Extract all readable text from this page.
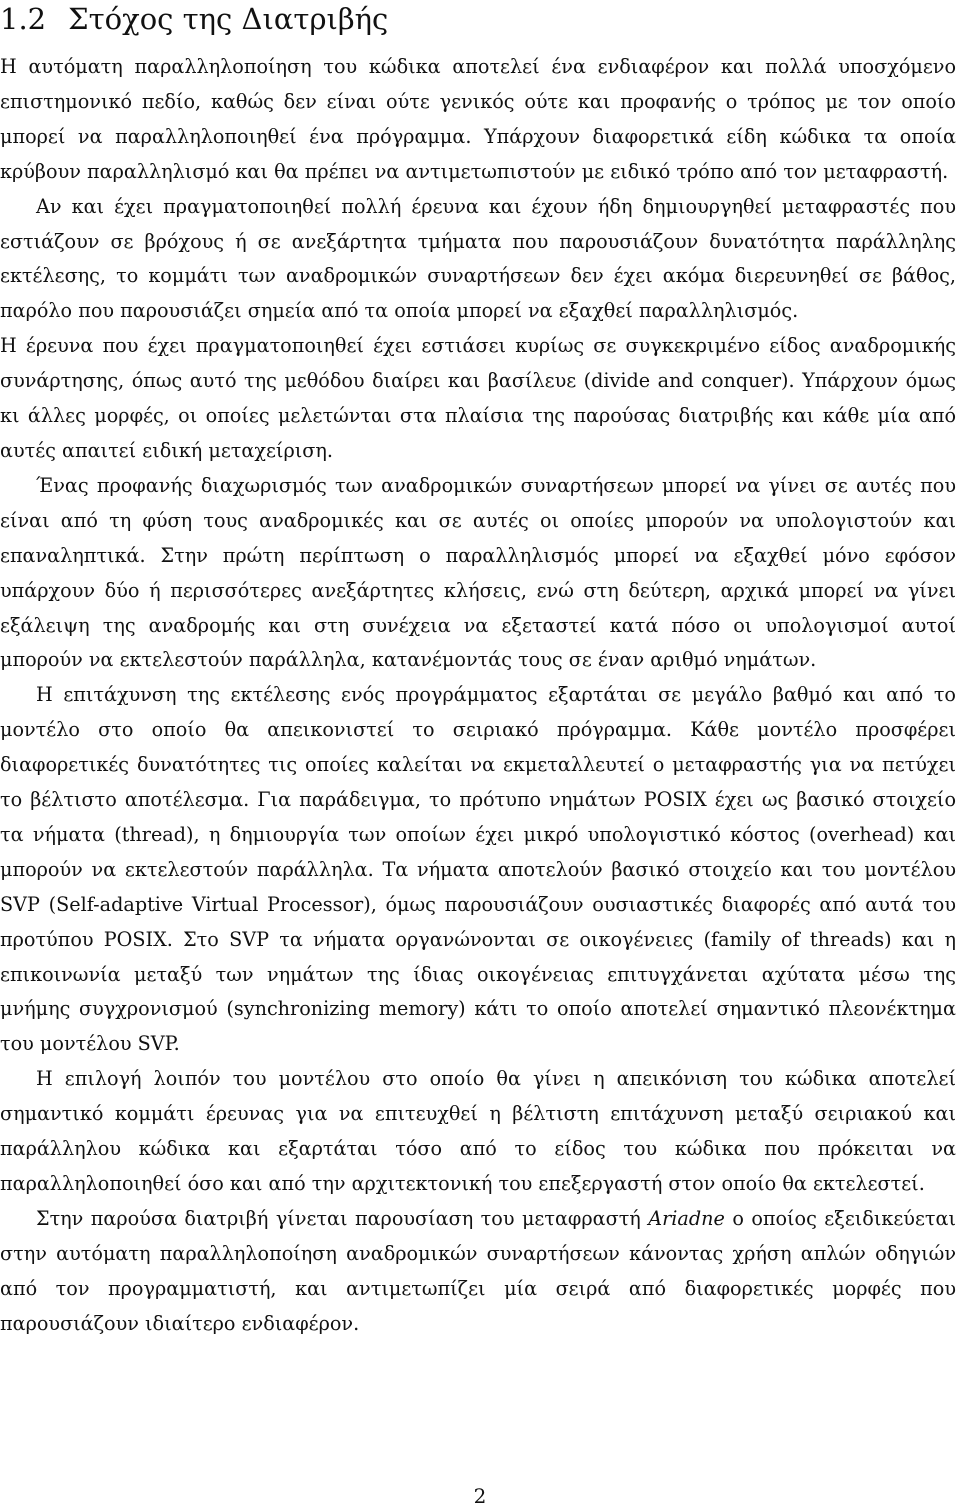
1.2 Στόχος της Διατριβής

Η αυτόματη παραλληλοποίηση του κώδικα αποτελεί ένα ενδιαφέρον και πολλά υποσχόμενο επιστημονικό πεδίο, καθώς δεν είναι ούτε γενικός ούτε και προφανής ο τρόπος με τον οποίο μπορεί να παραλληλοποιηθεί ένα πρόγραμμα. Υπάρχουν διαφορετικά είδη κώδικα τα οποία κρύβουν παραλληλισμό και θα πρέπει να αντιμετωπιστούν με ειδικό τρόπο από τον μεταφραστή.

Αν και έχει πραγματοποιηθεί πολλή έρευνα και έχουν ήδη δημιουργηθεί μεταφραστές που εστιάζουν σε βρόχους ή σε ανεξάρτητα τμήματα που παρουσιάζουν δυνατότητα παράλληλης εκτέλεσης, το κομμάτι των αναδρομικών συναρτήσεων δεν έχει ακόμα διερευνηθεί σε βάθος, παρόλο που παρουσιάζει σημεία από τα οποία μπορεί να εξαχθεί παραλληλισμός.

Η έρευνα που έχει πραγματοποιηθεί έχει εστιάσει κυρίως σε συγκεκριμένο είδος αναδρομικής συνάρτησης, όπως αυτό της μεθόδου διαίρει και βασίλευε (divide and conquer). Υπάρχουν όμως κι άλλες μορφές, οι οποίες μελετώνται στα πλαίσια της παρούσας διατριβής και κάθε μία από αυτές απαιτεί ειδική μεταχείριση.

Ένας προφανής διαχωρισμός των αναδρομικών συναρτήσεων μπορεί να γίνει σε αυτές που είναι από τη φύση τους αναδρομικές και σε αυτές οι οποίες μπορούν να υπολογιστούν και επαναληπτικά. Στην πρώτη περίπτωση ο παραλληλισμός μπορεί να εξαχθεί μόνο εφόσον υπάρχουν δύο ή περισσότερες ανεξάρτητες κλήσεις, ενώ στη δεύτερη, αρχικά μπορεί να γίνει εξάλειψη της αναδρομής και στη συνέχεια να εξεταστεί κατά πόσο οι υπολογισμοί αυτοί μπορούν να εκτελεστούν παράλληλα, κατανέμοντάς τους σε έναν αριθμό νημάτων.

Η επιτάχυνση της εκτέλεσης ενός προγράμματος εξαρτάται σε μεγάλο βαθμό και από το μοντέλο στο οποίο θα απεικονιστεί το σειριακό πρόγραμμα. Κάθε μοντέλο προσφέρει διαφορετικές δυνατότητες τις οποίες καλείται να εκμεταλλευτεί ο μεταφραστής για να πετύχει το βέλτιστο αποτέλεσμα. Για παράδειγμα, το πρότυπο νημάτων POSIX έχει ως βασικό στοιχείο τα νήματα (thread), η δημιουργία των οποίων έχει μικρό υπολογιστικό κόστος (overhead) και μπορούν να εκτελεστούν παράλληλα. Τα νήματα αποτελούν βασικό στοιχείο και του μοντέλου SVP (Self-adaptive Virtual Processor), όμως παρουσιάζουν ουσιαστικές διαφορές από αυτά του προτύπου POSIX. Στο SVP τα νήματα οργανώνονται σε οικογένειες (family of threads) και η επικοινωνία μεταξύ των νημάτων της ίδιας οικογένειας επιτυγχάνεται αχύτατα μέσω της μνήμης συγχρονισμού (synchronizing memory) κάτι το οποίο αποτελεί σημαντικό πλεονέκτημα του μοντέλου SVP.

Η επιλογή λοιπόν του μοντέλου στο οποίο θα γίνει η απεικόνιση του κώδικα αποτελεί σημαντικό κομμάτι έρευνας για να επιτευχθεί η βέλτιστη επιτάχυνση μεταξύ σειριακού και παράλληλου κώδικα και εξαρτάται τόσο από το είδος του κώδικα που πρόκειται να παραλληλοποιηθεί όσο και από την αρχιτεκτονική του επεξεργαστή στον οποίο θα εκτελεστεί.

Στην παρούσα διατριβή γίνεται παρουσίαση του μεταφραστή Ariadne ο οποίος εξειδικεύεται στην αυτόματη παραλληλοποίηση αναδρομικών συναρτήσεων κάνοντας χρήση απλών οδηγιών από τον προγραμματιστή, και αντιμετωπίζει μία σειρά από διαφορετικές μορφές που παρουσιάζουν ιδιαίτερο ενδιαφέρον.

2
